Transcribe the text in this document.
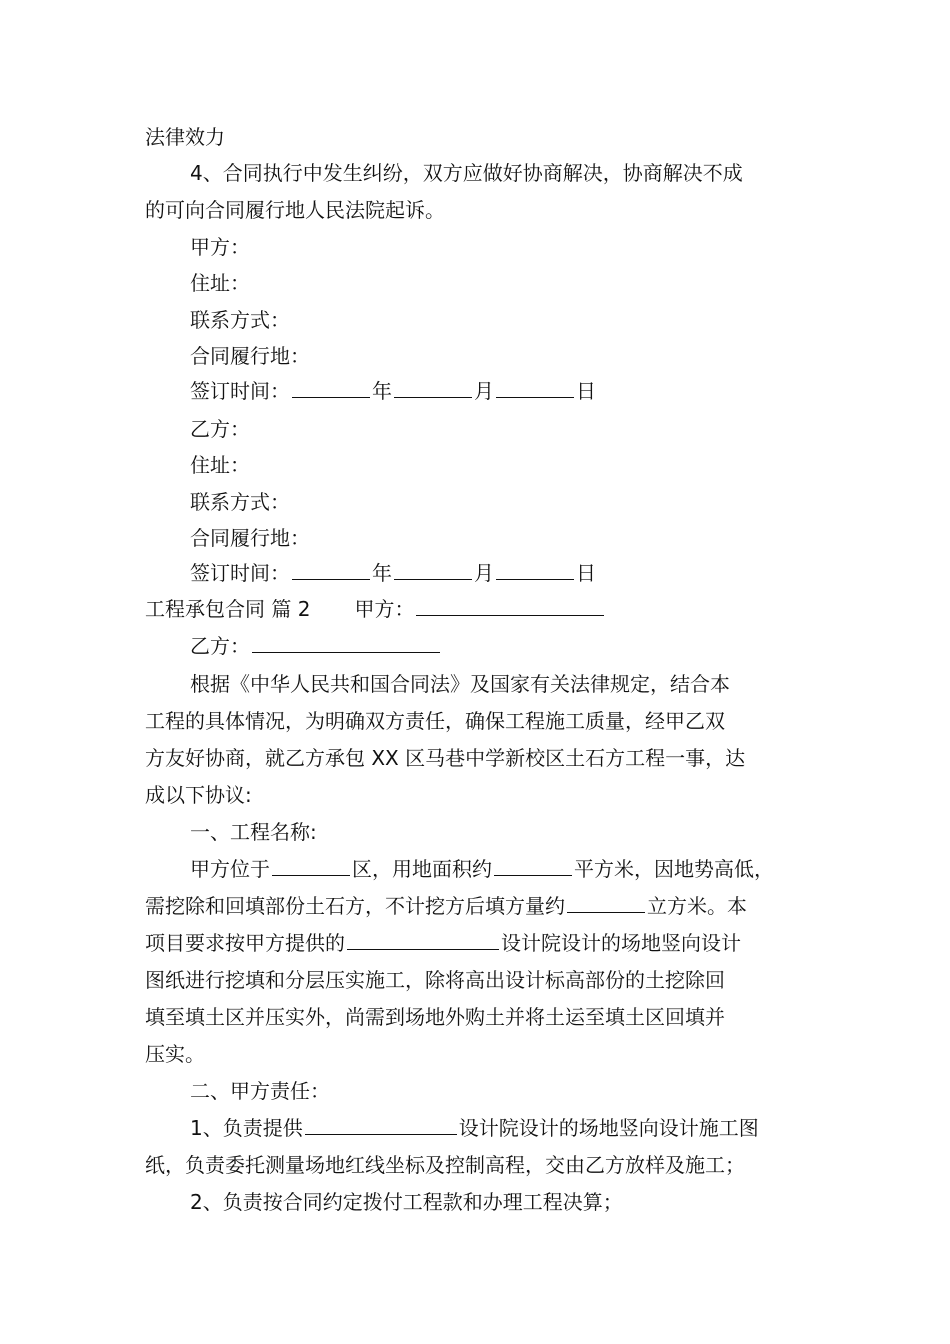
法律效力
4、合同执行中发生纠纷，双方应做好协商解决，协商解决不成
的可向合同履行地人民法院起诉。
甲方：
住址：
联系方式：
合同履行地：
签订时间：	年	月	日
乙方：
住址：
联系方式：
合同履行地：
签订时间：	年	月	日
工程承包合同 篇 2 甲方：
乙方：
根据《中华人民共和国合同法》及国家有关法律规定，结合本
工程的具体情况，为明确双方责任，确保工程施工质量，经甲乙双
方友好协商，就乙方承包 XX 区马巷中学新校区土石方工程一事，达
成以下协议:
一、工程名称:
甲方位于	区，用地面积约	平方米，因地势高低，
需挖除和回填部份土石方，不计挖方后填方量约	立方米。本
项目要求按甲方提供的	设计院设计的场地竖向设计
图纸进行挖填和分层压实施工，除将高出设计标高部份的土挖除回
填至填土区并压实外，尚需到场地外购土并将土运至填土区回填并
压实。
二、甲方责任：
1、负责提供	设计院设计的场地竖向设计施工图
纸，负责委托测量场地红线坐标及控制高程，交由乙方放样及施工；
2、负责按合同约定拨付工程款和办理工程决算；
